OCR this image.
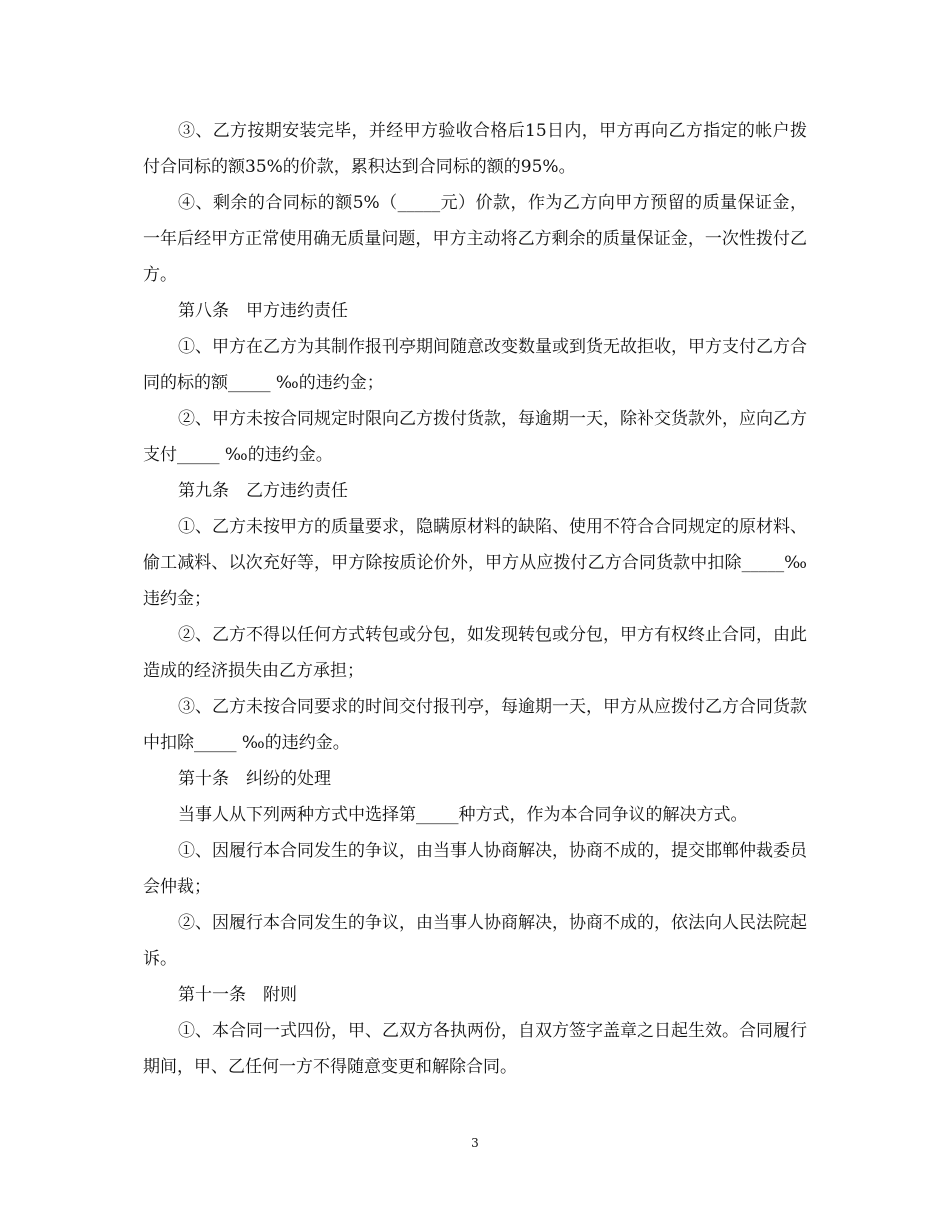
③、乙方按期安装完毕，并经甲方验收合格后15日内，甲方再向乙方指定的帐户拨付合同标的额35%的价款，累积达到合同标的额的95%。

④、剩余的合同标的额5%（_____元）价款，作为乙方向甲方预留的质量保证金，一年后经甲方正常使用确无质量问题，甲方主动将乙方剩余的质量保证金，一次性拨付乙方。

第八条　甲方违约责任

①、甲方在乙方为其制作报刊亭期间随意改变数量或到货无故拒收，甲方支付乙方合同的标的额_____ ‰的违约金；

②、甲方未按合同规定时限向乙方拨付货款，每逾期一天，除补交货款外，应向乙方支付_____ ‰的违约金。

第九条　乙方违约责任

①、乙方未按甲方的质量要求，隐瞒原材料的缺陷、使用不符合合同规定的原材料、偷工减料、以次充好等，甲方除按质论价外，甲方从应拨付乙方合同货款中扣除_____‰违约金；

②、乙方不得以任何方式转包或分包，如发现转包或分包，甲方有权终止合同，由此造成的经济损失由乙方承担；

③、乙方未按合同要求的时间交付报刊亭，每逾期一天，甲方从应拨付乙方合同货款中扣除_____ ‰的违约金。

第十条　纠纷的处理

当事人从下列两种方式中选择第_____种方式，作为本合同争议的解决方式。

①、因履行本合同发生的争议，由当事人协商解决，协商不成的，提交邯郸仲裁委员会仲裁；

②、因履行本合同发生的争议，由当事人协商解决，协商不成的，依法向人民法院起诉。

第十一条　附则

①、本合同一式四份，甲、乙双方各执两份，自双方签字盖章之日起生效。合同履行期间，甲、乙任何一方不得随意变更和解除合同。

3
